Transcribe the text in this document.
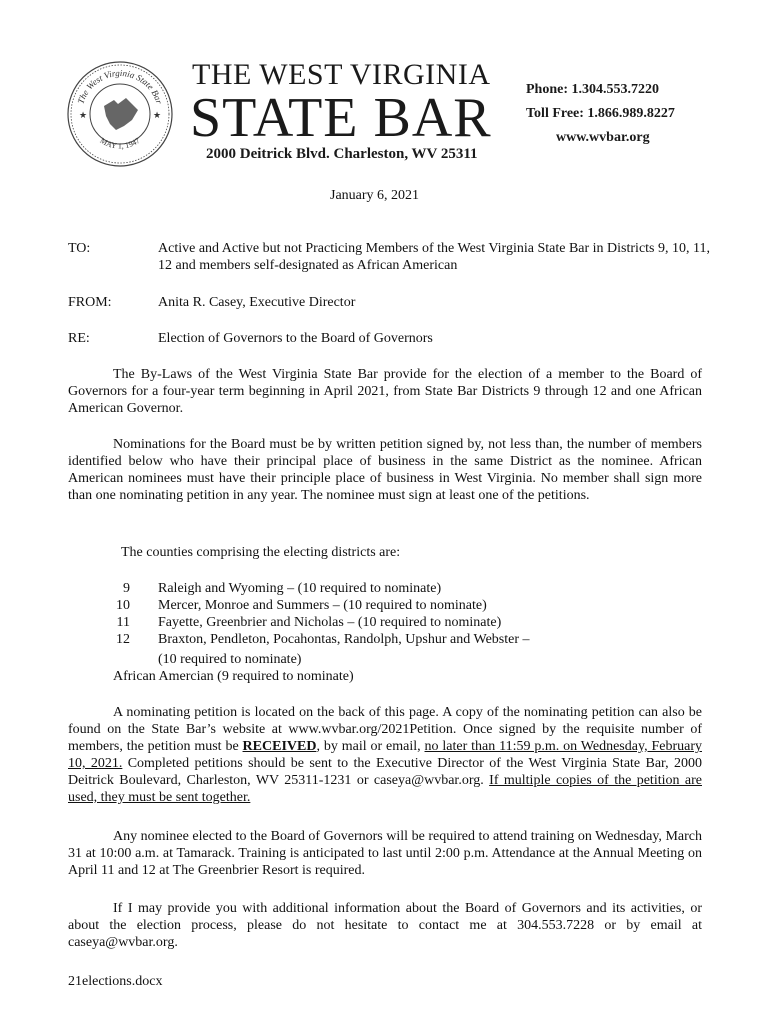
The West Virginia State Bar
MAY 1, 1947
★	★
THE WEST VIRGINIA
STATE BAR
2000 Deitrick Blvd. Charleston, WV 25311
Phone: 1.304.553.7220
Toll Free: 1.866.989.8227
www.wvbar.org
January 6, 2021
TO:	Active and Active but not Practicing Members of the West Virginia State Bar in Districts 9, 10, 11, 12 and members self-designated as African American
FROM:	Anita R. Casey, Executive Director
RE:	Election of Governors to the Board of Governors
The By-Laws of the West Virginia State Bar provide for the election of a member to the Board of Governors for a four-year term beginning in April 2021, from State Bar Districts 9 through 12 and one African American Governor.
Nominations for the Board must be by written petition signed by, not less than, the number of members identified below who have their principal place of business in the same District as the nominee. African American nominees must have their principle place of business in West Virginia. No member shall sign more than one nominating petition in any year. The nominee must sign at least one of the petitions.
The counties comprising the electing districts are:
9 Raleigh and Wyoming – (10 required to nominate)
10 Mercer, Monroe and Summers – (10 required to nominate)
11 Fayette, Greenbrier and Nicholas – (10 required to nominate)
12 Braxton, Pendleton, Pocahontas, Randolph, Upshur and Webster –
(10 required to nominate)
African Amercian (9 required to nominate)
A nominating petition is located on the back of this page. A copy of the nominating petition can also be found on the State Bar’s website at www.wvbar.org/2021Petition. Once signed by the requisite number of members, the petition must be RECEIVED, by mail or email, no later than 11:59 p.m. on Wednesday, February 10, 2021. Completed petitions should be sent to the Executive Director of the West Virginia State Bar, 2000 Deitrick Boulevard, Charleston, WV 25311-1231 or caseya@wvbar.org. If multiple copies of the petition are used, they must be sent together.
Any nominee elected to the Board of Governors will be required to attend training on Wednesday, March 31 at 10:00 a.m. at Tamarack. Training is anticipated to last until 2:00 p.m. Attendance at the Annual Meeting on April 11 and 12 at The Greenbrier Resort is required.
If I may provide you with additional information about the Board of Governors and its activities, or about the election process, please do not hesitate to contact me at 304.553.7228 or by email at caseya@wvbar.org.
21elections.docx
